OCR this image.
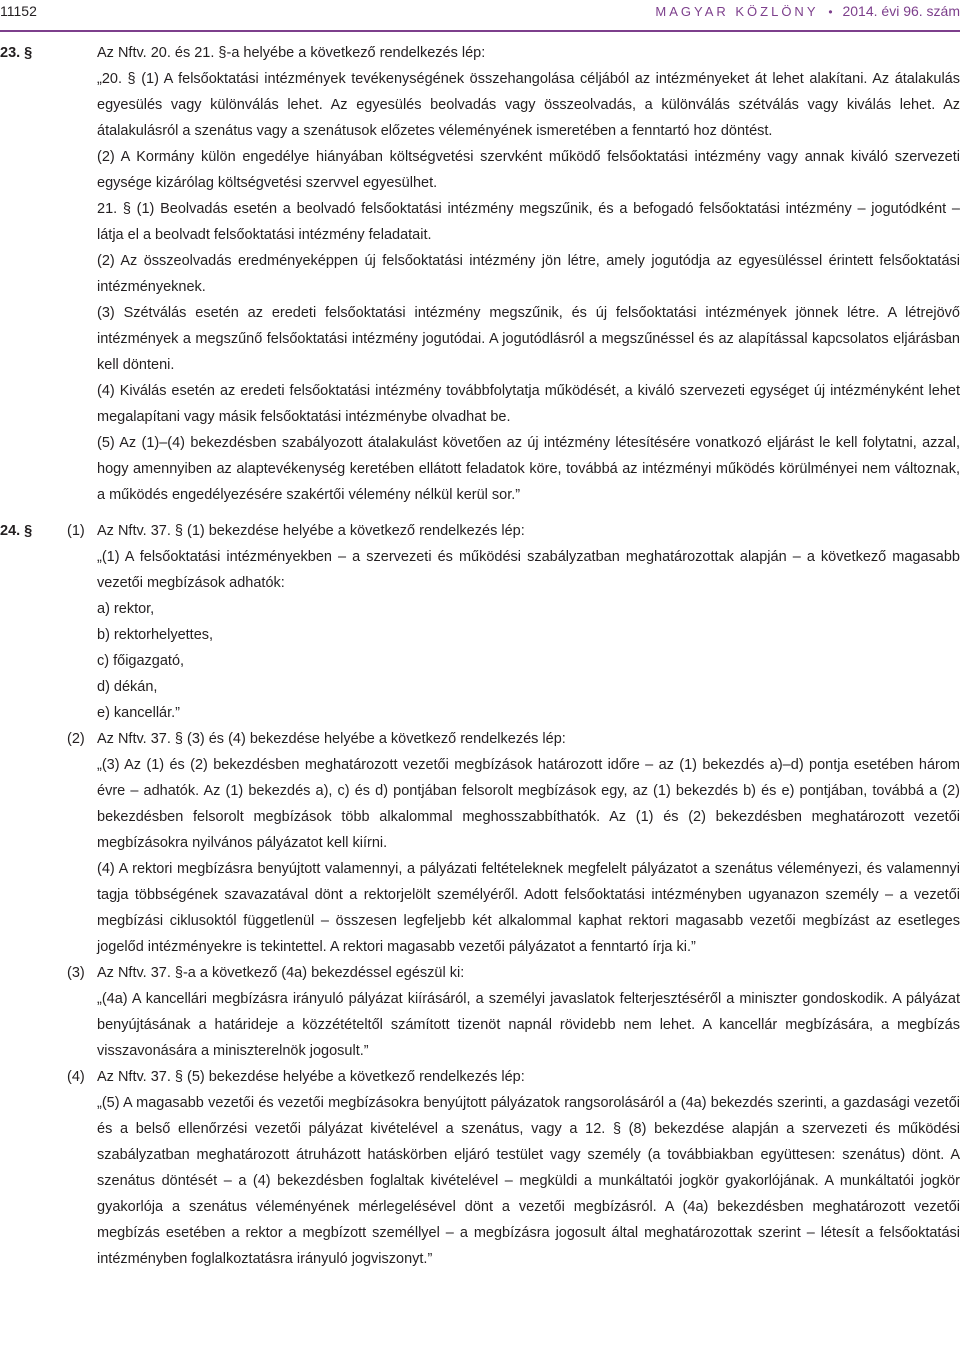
11152	MAGYAR KÖZLÖNY • 2014. évi 96. szám
23. §	Az Nftv. 20. és 21. §-a helyébe a következő rendelkezés lép:

„20. § (1) A felsőoktatási intézmények tevékenységének összehangolása céljából az intézményeket át lehet alakítani. Az átalakulás egyesülés vagy különválás lehet. Az egyesülés beolvadás vagy összeolvadás, a különválás szétválás vagy kiválás lehet. Az átalakulásról a szenátus vagy a szenátusok előzetes véleményének ismeretében a fenntartó hoz döntést.

(2) A Kormány külön engedélye hiányában költségvetési szervként működő felsőoktatási intézmény vagy annak kiváló szervezeti egysége kizárólag költségvetési szervvel egyesülhet.

21. § (1) Beolvadás esetén a beolvadó felsőoktatási intézmény megszűnik, és a befogadó felsőoktatási intézmény – jogutódként – látja el a beolvadt felsőoktatási intézmény feladatait.

(2) Az összeolvadás eredményeképpen új felsőoktatási intézmény jön létre, amely jogutódja az egyesüléssel érintett felsőoktatási intézményeknek.

(3) Szétválás esetén az eredeti felsőoktatási intézmény megszűnik, és új felsőoktatási intézmények jönnek létre. A létrejövő intézmények a megszűnő felsőoktatási intézmény jogutódai. A jogutódlásról a megszűnéssel és az alapítással kapcsolatos eljárásban kell dönteni.

(4) Kiválás esetén az eredeti felsőoktatási intézmény továbbfolytatja működését, a kiváló szervezeti egységet új intézményként lehet megalapítani vagy másik felsőoktatási intézménybe olvadhat be.

(5) Az (1)–(4) bekezdésben szabályozott átalakulást követően az új intézmény létesítésére vonatkozó eljárást le kell folytatni, azzal, hogy amennyiben az alaptevékenység keretében ellátott feladatok köre, továbbá az intézményi működés körülményei nem változnak, a működés engedélyezésére szakértői vélemény nélkül kerül sor.”

24. § (1) Az Nftv. 37. § (1) bekezdése helyébe a következő rendelkezés lép:

„(1) A felsőoktatási intézményekben – a szervezeti és működési szabályzatban meghatározottak alapján – a következő magasabb vezetői megbízások adhatók:

a) rektor,
b) rektorhelyettes,
c) főigazgató,
d) dékán,
e) kancellár.”
(2) Az Nftv. 37. § (3) és (4) bekezdése helyébe a következő rendelkezés lép:

„(3) Az (1) és (2) bekezdésben meghatározott vezetői megbízások határozott időre – az (1) bekezdés a)–d) pontja esetében három évre – adhatók. Az (1) bekezdés a), c) és d) pontjában felsorolt megbízások egy, az (1) bekezdés b) és e) pontjában, továbbá a (2) bekezdésben felsorolt megbízások több alkalommal meghosszabbíthatók. Az (1) és (2) bekezdésben meghatározott vezetői megbízásokra nyilvános pályázatot kell kiírni.

(4) A rektori megbízásra benyújtott valamennyi, a pályázati feltételeknek megfelelt pályázatot a szenátus véleményezi, és valamennyi tagja többségének szavazatával dönt a rektorjelölt személyéről. Adott felsőoktatási intézményben ugyanazon személy – a vezetői megbízási ciklusoktól függetlenül – összesen legfeljebb két alkalommal kaphat rektori magasabb vezetői megbízást az esetleges jogelőd intézményekre is tekintettel. A rektori magasabb vezetői pályázatot a fenntartó írja ki.”

(3) Az Nftv. 37. §-a a következő (4a) bekezdéssel egészül ki:

„(4a) A kancellári megbízásra irányuló pályázat kiírásáról, a személyi javaslatok felterjesztéséről a miniszter gondoskodik. A pályázat benyújtásának a határideje a közzétételtől számított tizenöt napnál rövidebb nem lehet. A kancellár megbízására, a megbízás visszavonására a miniszterelnök jogosult.”

(4) Az Nftv. 37. § (5) bekezdése helyébe a következő rendelkezés lép:

„(5) A magasabb vezetői és vezetői megbízásokra benyújtott pályázatok rangsorolásáról a (4a) bekezdés szerinti, a gazdasági vezetői és a belső ellenőrzési vezetői pályázat kivételével a szenátus, vagy a 12. § (8) bekezdése alapján a szervezeti és működési szabályzatban meghatározott átruházott hatáskörben eljáró testület vagy személy (a továbbiakban együttesen: szenátus) dönt. A szenátus döntését – a (4) bekezdésben foglaltak kivételével – megküldi a munkáltatói jogkör gyakorlójának. A munkáltatói jogkör gyakorlója a szenátus véleményének mérlegelésével dönt a vezetői megbízásról. A (4a) bekezdésben meghatározott vezetői megbízás esetében a rektor a megbízott személlyel – a megbízásra jogosult által meghatározottak szerint – létesít a felsőoktatási intézményben foglalkoztatásra irányuló jogviszonyt.”
